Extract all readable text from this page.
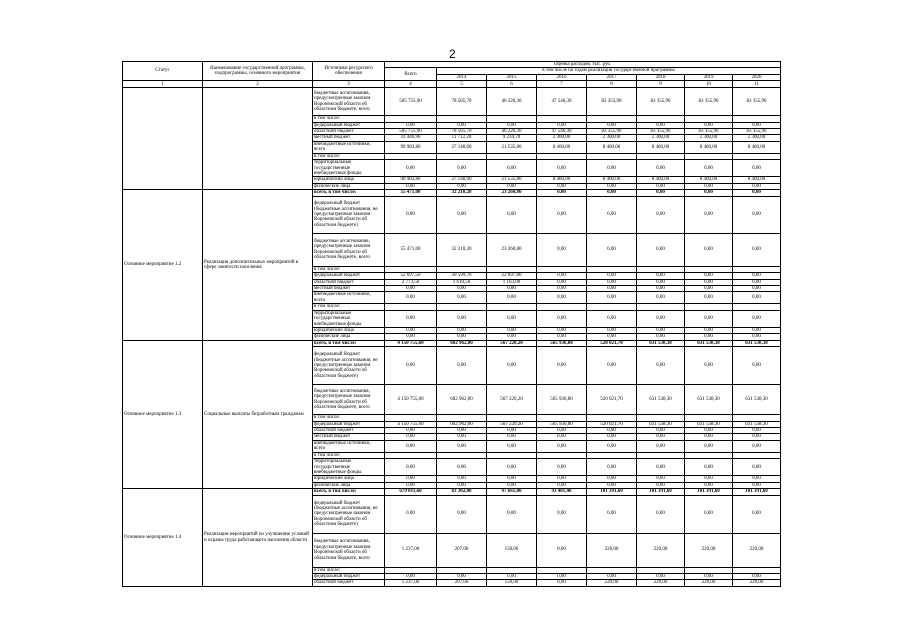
2
Статус	Наименование государственной программы, подпрограммы, основного мероприятия	Источники ресурсного обеспечения	Оценка расходов, тыс. руб.							
			Всего	в том числе по годам реализации государственной программы						
				2014	2015	2016	2017	2018	2019	2020
1	2	3	4	5	6	7	8	9	10	11
		бюджетные ассигнования, предусмотренные законом Воронежской области об областном бюджете, всего	505 755,90	78 565,70	46 220,30	47 546,30	83 355,90	83 355,90	83 355,90	83 355,90
		в том числе:								
		федеральный бюджет	0,00	0,00	0,00	0,00	0,00	0,00	0,00	0,00
		областной бюджет	505 755,90	78 565,70	46 220,30	47 546,30	83 355,90	83 355,90	83 355,90	83 355,90
		местный бюджет	32 446,90	11 712,20	9 234,70	2 300,00	2 300,00	2 300,00	2 300,00	2 300,00
		внебюджетные источники, всего	90 983,80	27 148,00	21 535,80	8 460,00	8 460,00	8 460,00	8 460,00	8 460,00
		в том числе:								
		территориальные государственные внебюджетные фонды	0,00	0,00	0,00	0,00	0,00	0,00	0,00	0,00
		юридические лица	90 983,80	27 148,00	21 535,80	8 460,00	8 460,00	8 460,00	8 460,00	8 460,00
		физические лица	0,00	0,00	0,00	0,00	0,00	0,00	0,00	0,00
Основное мероприятие 1.2	Реализация дополнительных мероприятий в сфере занятости населения	всего, в том числе:	55 471,00	32 210,20	23 260,80	0,00	0,00	0,00	0,00	0,00
		федеральный бюджет (бюджетные ассигнования, не предусмотренные законом Воронежской области об областном бюджете)	0,00	0,00	0,00	0,00	0,00	0,00	0,00	0,00
		бюджетные ассигнования, предусмотренные законом Воронежской области об областном бюджете, всего	55 471,00	32 210,20	23 260,80	0,00	0,00	0,00	0,00	0,00
		в том числе:								
		федеральный бюджет	52 697,50	30 599,70	22 097,80	0,00	0,00	0,00	0,00	0,00
		областной бюджет	2 773,50	1 610,50	1 163,00	0,00	0,00	0,00	0,00	0,00
		местный бюджет	0,00	0,00	0,00	0,00	0,00	0,00	0,00	0,00
		внебюджетные источники, всего	0,00	0,00	0,00	0,00	0,00	0,00	0,00	0,00
		в том числе:								
		территориальные государственные внебюджетные фонды	0,00	0,00	0,00	0,00	0,00	0,00	0,00	0,00
		юридические лица	0,00	0,00	0,00	0,00	0,00	0,00	0,00	0,00
		физические лица	0,00	0,00	0,00	0,00	0,00	0,00	0,00	0,00
Основное мероприятие 1.3	Социальные выплаты безработным гражданам	всего, в том числе:	4 150 755,60	602 962,00	567 220,20	565 936,80	520 021,70	631 538,30	631 538,30	631 538,30
		федеральный бюджет (бюджетные ассигнования, не предусмотренные законом Воронежской области об областном бюджете)	0,00	0,00	0,00	0,00	0,00	0,00	0,00	0,00
		бюджетные ассигнования, предусмотренные законом Воронежской области об областном бюджете, всего	4 150 755,60	602 962,00	567 220,20	565 936,80	520 021,70	631 538,30	631 538,30	631 538,30
		в том числе:								
		федеральный бюджет	4 150 755,60	602 962,00	567 220,20	565 936,80	520 021,70	631 538,30	631 538,30	631 538,30
		областной бюджет	0,00	0,00	0,00	0,00	0,00	0,00	0,00	0,00
		местный бюджет	0,00	0,00	0,00	0,00	0,00	0,00	0,00	0,00
		внебюджетные источники, всего	0,00	0,00	0,00	0,00	0,00	0,00	0,00	0,00
		в том числе:								
		территориальные государственные внебюджетные фонды	0,00	0,00	0,00	0,00	0,00	0,00	0,00	0,00
		юридические лица	0,00	0,00	0,00	0,00	0,00	0,00	0,00	0,00
		физические лица	0,00	0,00	0,00	0,00	0,00	0,00	0,00	0,00
Основное мероприятие 1.4	Реализация мероприятий по улучшению условий и охраны труда работающего населения области	всего, в том числе:	679 811,60	83 302,00	97 661,80	93 481,40	101 391,60	101 391,60	101 391,60	101 391,60
		федеральный бюджет (бюджетные ассигнования, не предусмотренные законом Воронежской области об областном бюджете)	0,00	0,00	0,00	0,00	0,00	0,00	0,00	0,00
		бюджетные ассигнования, предусмотренные законом Воронежской области об областном бюджете, всего	1 237,00	207,00	150,00	0,00	220,00	220,00	220,00	220,00
		в том числе:								
		федеральный бюджет	0,00	0,00	0,00	0,00	0,00	0,00	0,00	0,00
		областной бюджет	1 237,00	207,00	150,00	0,00	220,00	220,00	220,00	220,00
